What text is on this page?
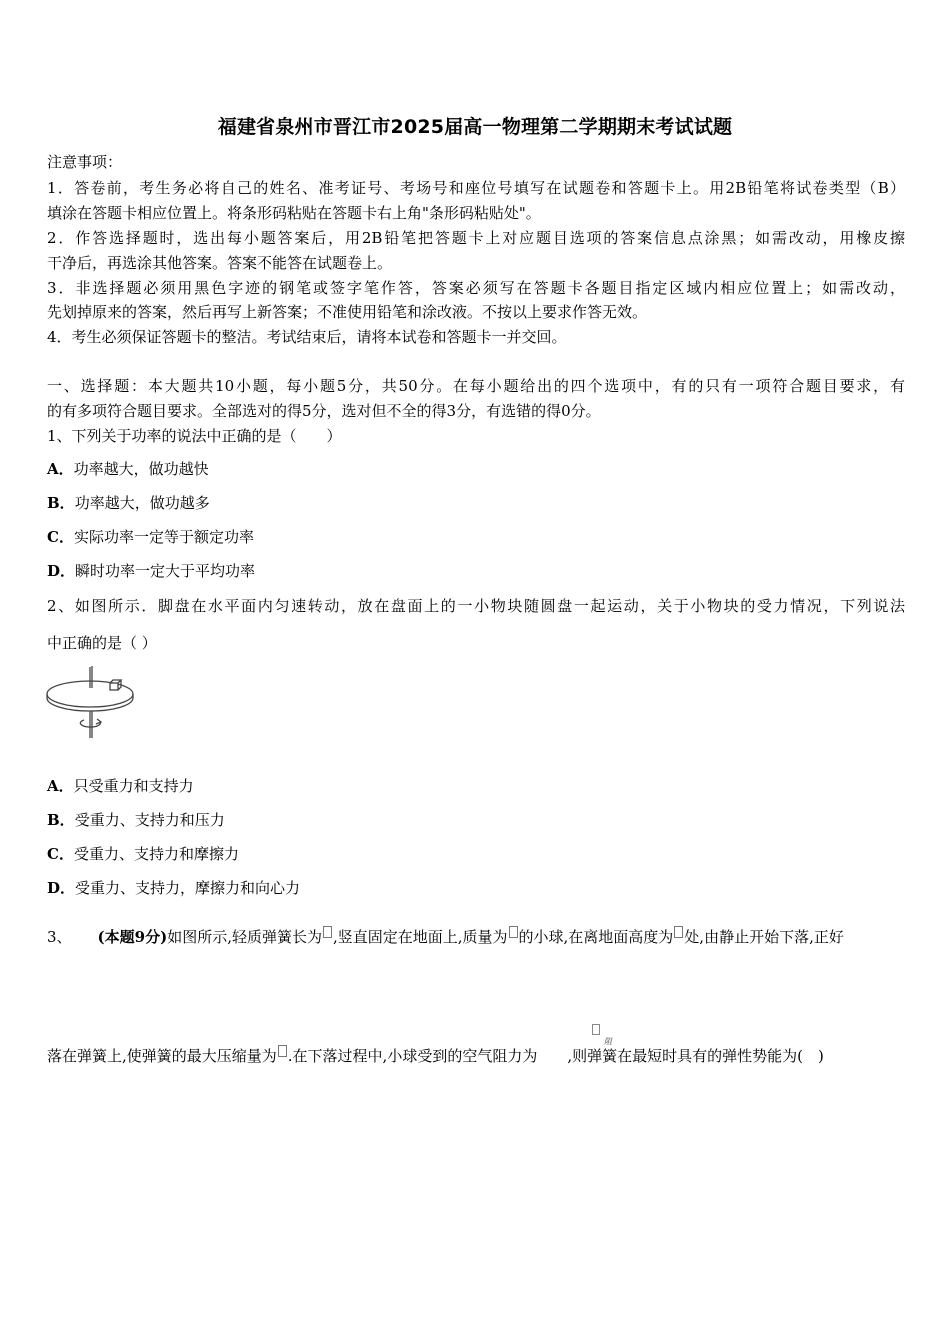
福建省泉州市晋江市2025届高一物理第二学期期末考试试题
注意事项：
1．答卷前，考生务必将自己的姓名、准考证号、考场号和座位号填写在试题卷和答题卡上。用2B铅笔将试卷类型（B）
填涂在答题卡相应位置上。将条形码粘贴在答题卡右上角"条形码粘贴处"。
2．作答选择题时，选出每小题答案后，用2B铅笔把答题卡上对应题目选项的答案信息点涂黑；如需改动，用橡皮擦
干净后，再选涂其他答案。答案不能答在试题卷上。
3．非选择题必须用黑色字迹的钢笔或签字笔作答，答案必须写在答题卡各题目指定区域内相应位置上；如需改动，
先划掉原来的答案，然后再写上新答案；不准使用铅笔和涂改液。不按以上要求作答无效。
4．考生必须保证答题卡的整洁。考试结束后，请将本试卷和答题卡一并交回。
一、选择题：本大题共10小题，每小题5分，共50分。在每小题给出的四个选项中，有的只有一项符合题目要求，有
的有多项符合题目要求。全部选对的得5分，选对但不全的得3分，有选错的得0分。
1、下列关于功率的说法中正确的是（　　）
A．功率越大，做功越快
B．功率越大，做功越多
C．实际功率一定等于额定功率
D．瞬时功率一定大于平均功率
2、如图所示．脚盘在水平面内匀速转动，放在盘面上的一小物块随圆盘一起运动，关于小物块的受力情况，下列说法
中正确的是（ ）
A．只受重力和支持力
B．受重力、支持力和压力
C．受重力、支持力和摩擦力
D．受重力、支持力，摩擦力和向心力
3、 (本题9分)如图所示,轻质弹簧长为 ,竖直固定在地面上,质量为 的小球,在离地面高度为 处,由静止开始下落,正好
阻
落在弹簧上,使弹簧的最大压缩量为 .在下落过程中,小球受到的空气阻力为 ,则弹簧在最短时具有的弹性势能为(　)
